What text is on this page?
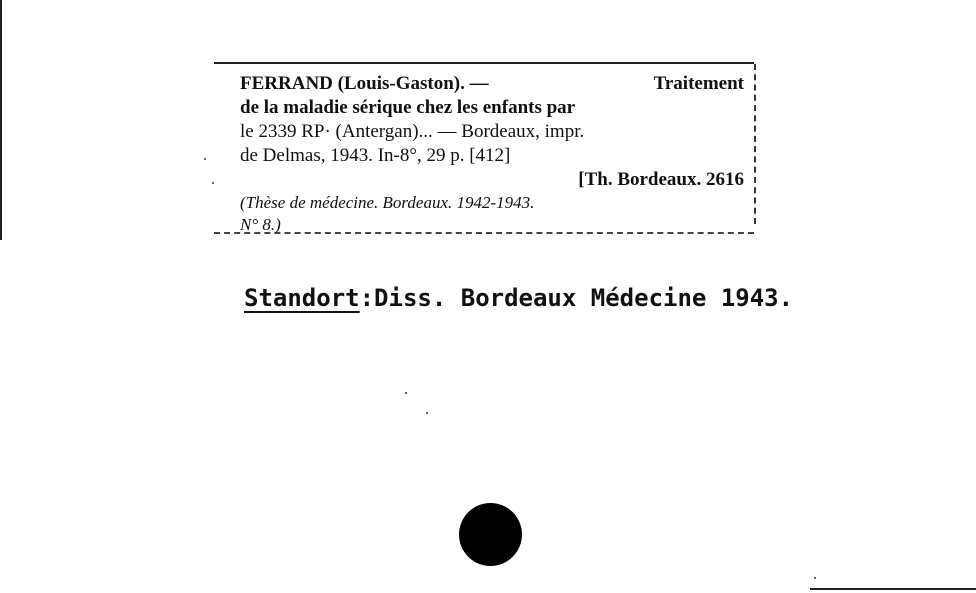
FERRAND (Louis-Gaston). —	Traitement
de la maladie sérique chez les enfants par
le 2339 RP· (Antergan)... — Bordeaux, impr.
de Delmas, 1943. In-8°, 29 p. [412]
[Th. Bordeaux. 2616
(Thèse de médecine. Bordeaux. 1942-1943.
N° 8.)
Standort:Diss. Bordeaux Médecine 1943.
